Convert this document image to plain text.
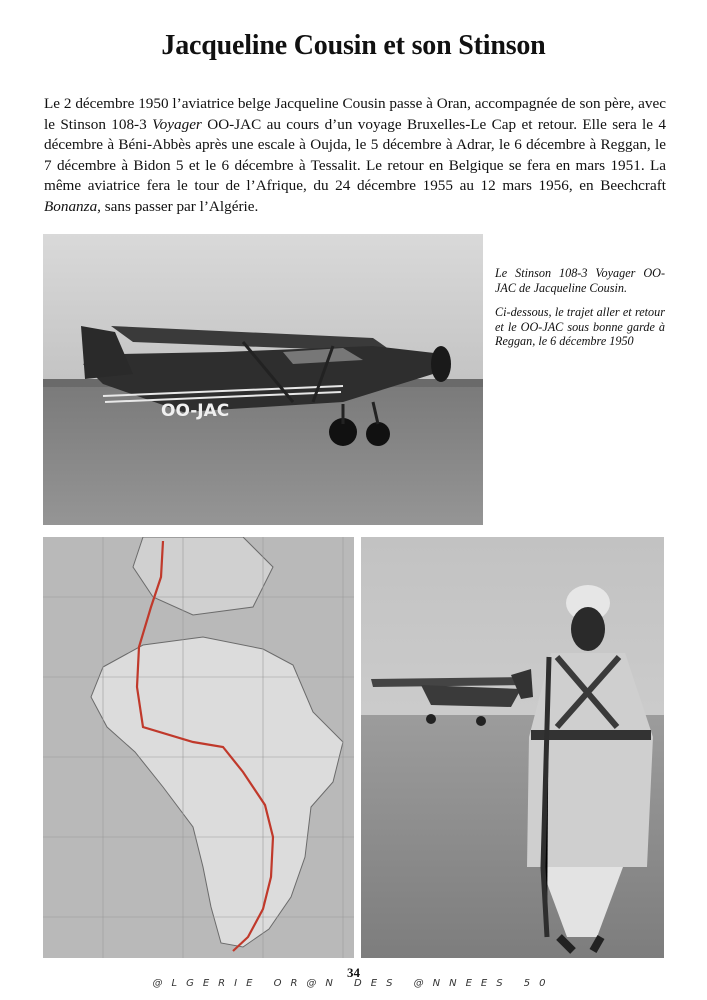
Jacqueline Cousin et son Stinson

Le 2 décembre 1950 l’aviatrice belge Jacqueline Cousin passe à Oran, accompagnée de son père, avec le Stinson 108-3 Voyager OO-JAC au cours d’un voyage Bruxelles-Le Cap et retour. Elle sera le 4 décembre à Béni-Abbès après une escale à Oujda, le 5 décembre à Adrar, le 6 décembre à Reggan, le 7 décembre à Bidon 5 et le 6 décembre à Tessalit. Le retour en Belgique se fera en mars 1951. La même aviatrice fera le tour de l’Afrique, du 24 décembre 1955 au 12 mars 1956, en Beechcraft Bonanza, sans passer par l’Algérie.

OO-JAC

Le Stinson 108-3 Voyager OO-JAC de Jacqueline Cousin.

Ci-dessous, le trajet aller et retour et le OO-JAC sous bonne garde à Reggan, le 6 décembre 1950

34
@LGERIE OR@N DES @NNEES 50
